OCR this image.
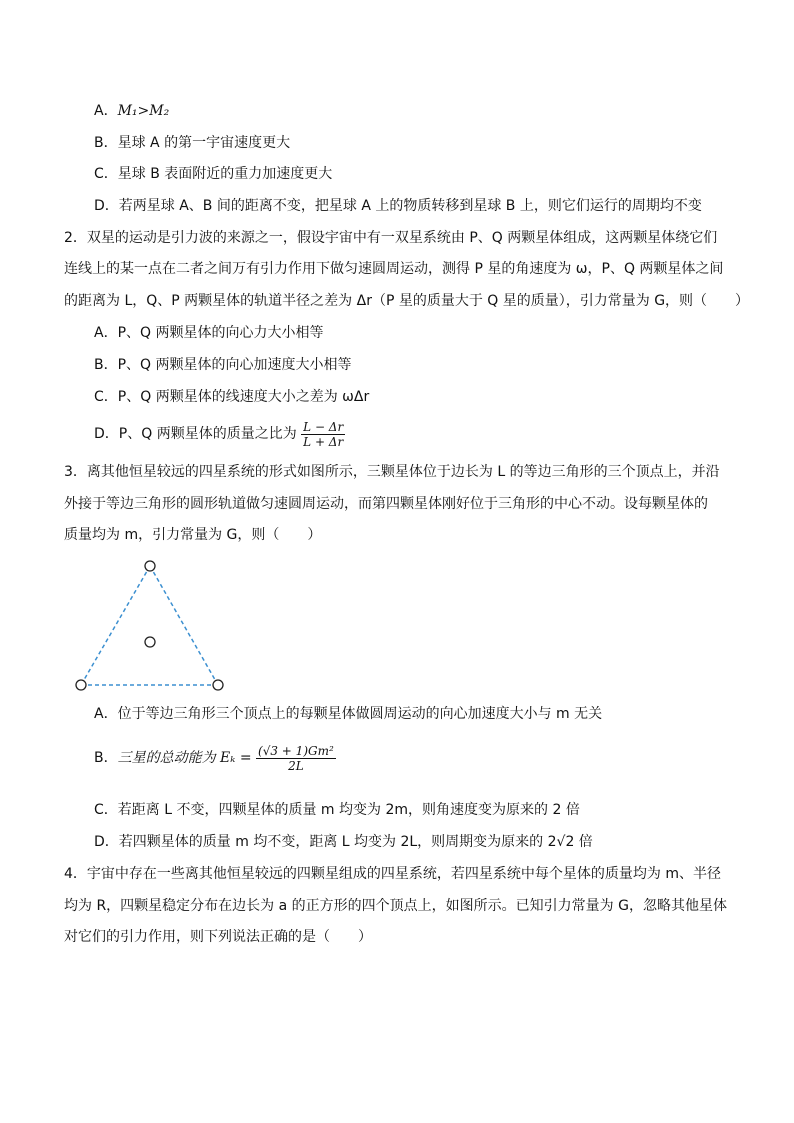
A．M₁>M₂
B．星球 A 的第一宇宙速度更大
C．星球 B 表面附近的重力加速度更大
D．若两星球 A、B 间的距离不变，把星球 A 上的物质转移到星球 B 上，则它们运行的周期均不变
2．双星的运动是引力波的来源之一，假设宇宙中有一双星系统由 P、Q 两颗星体组成，这两颗星体绕它们
连线上的某一点在二者之间万有引力作用下做匀速圆周运动，测得 P 星的角速度为 ω，P、Q 两颗星体之间
的距离为 L，Q、P 两颗星体的轨道半径之差为 Δr（P 星的质量大于 Q 星的质量），引力常量为 G，则（　　）
A．P、Q 两颗星体的向心力大小相等
B．P、Q 两颗星体的向心加速度大小相等
C．P、Q 两颗星体的线速度大小之差为 ωΔr
D．P、Q 两颗星体的质量之比为 $\frac{L - \Delta r}{L + \Delta r}$
3．离其他恒星较远的四星系统的形式如图所示，三颗星体位于边长为 L 的等边三角形的三个顶点上，并沿
外接于等边三角形的圆形轨道做匀速圆周运动，而第四颗星体刚好位于三角形的中心不动。设每颗星体的
质量均为 m，引力常量为 G，则（　　）
A．位于等边三角形三个顶点上的每颗星体做圆周运动的向心加速度大小与 m 无关
B．三星的总动能为 $E_k = \frac{\text{(√3 + 1)Gm²}}{2L}$
C．若距离 L 不变，四颗星体的质量 m 均变为 2m，则角速度变为原来的 2 倍
D．若四颗星体的质量 m 均不变，距离 L 均变为 2L，则周期变为原来的 2√2 倍
4．宇宙中存在一些离其他恒星较远的四颗星组成的四星系统，若四星系统中每个星体的质量均为 m、半径
均为 R，四颗星稳定分布在边长为 a 的正方形的四个顶点上，如图所示。已知引力常量为 G，忽略其他星体
对它们的引力作用，则下列说法正确的是（　　）
